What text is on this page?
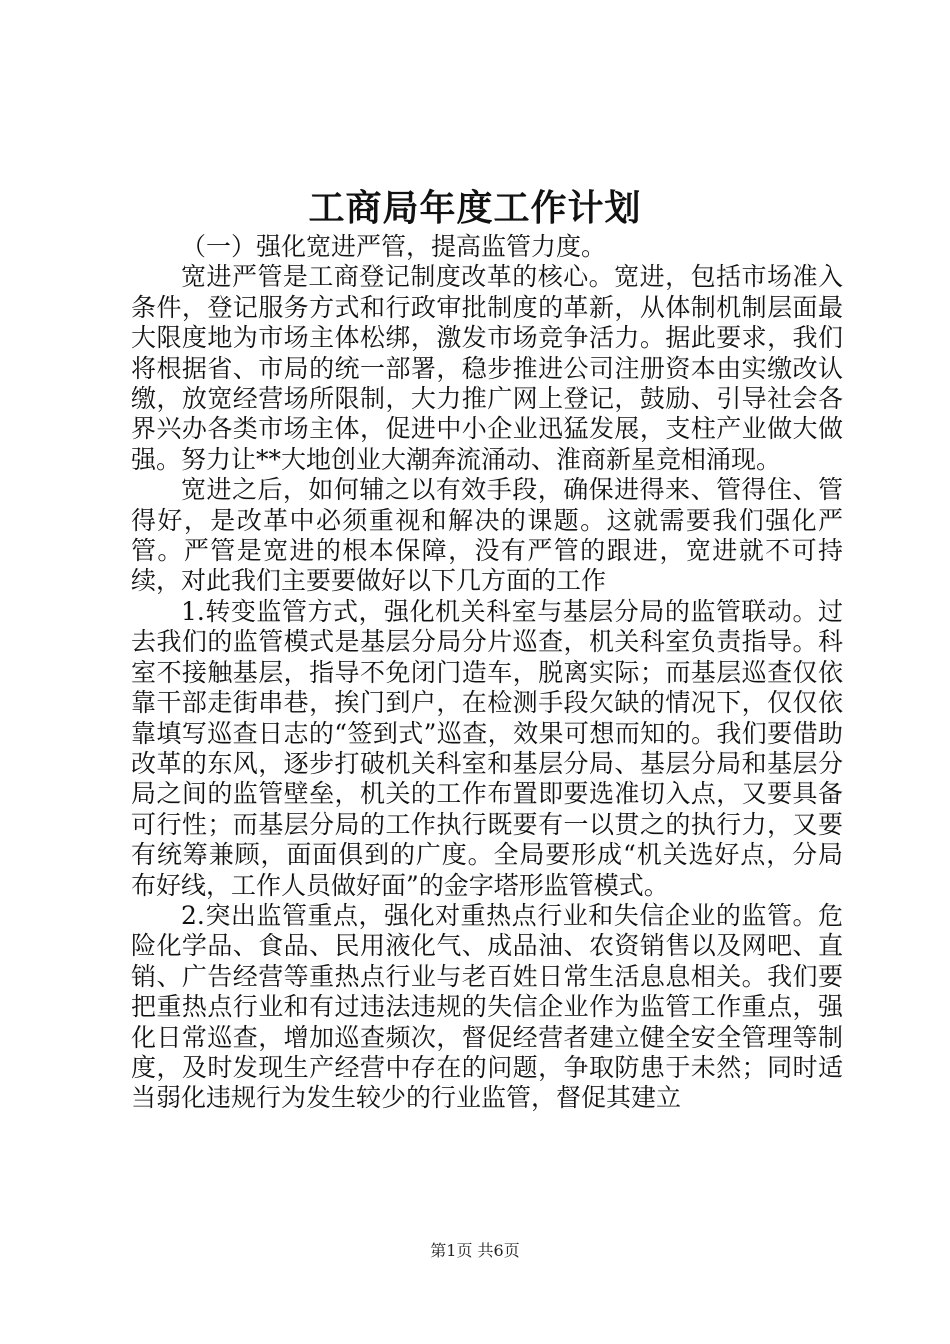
工商局年度工作计划

（一）强化宽进严管，提高监管力度。

宽进严管是工商登记制度改革的核心。宽进，包括市场准入条件，登记服务方式和行政审批制度的革新，从体制机制层面最大限度地为市场主体松绑，激发市场竞争活力。据此要求，我们将根据省、市局的统一部署，稳步推进公司注册资本由实缴改认缴，放宽经营场所限制，大力推广网上登记，鼓励、引导社会各界兴办各类市场主体，促进中小企业迅猛发展，支柱产业做大做强。努力让**大地创业大潮奔流涌动、淮商新星竞相涌现。

宽进之后，如何辅之以有效手段，确保进得来、管得住、管得好，是改革中必须重视和解决的课题。这就需要我们强化严管。严管是宽进的根本保障，没有严管的跟进，宽进就不可持续，对此我们主要要做好以下几方面的工作

1.转变监管方式，强化机关科室与基层分局的监管联动。过去我们的监管模式是基层分局分片巡查，机关科室负责指导。科室不接触基层，指导不免闭门造车，脱离实际；而基层巡查仅依靠干部走街串巷，挨门到户，在检测手段欠缺的情况下，仅仅依靠填写巡查日志的“签到式”巡查，效果可想而知的。我们要借助改革的东风，逐步打破机关科室和基层分局、基层分局和基层分局之间的监管壁垒，机关的工作布置即要选准切入点，又要具备可行性；而基层分局的工作执行既要有一以贯之的执行力，又要有统筹兼顾，面面俱到的广度。全局要形成“机关选好点，分局布好线，工作人员做好面”的金字塔形监管模式。

2.突出监管重点，强化对重热点行业和失信企业的监管。危险化学品、食品、民用液化气、成品油、农资销售以及网吧、直销、广告经营等重热点行业与老百姓日常生活息息相关。我们要把重热点行业和有过违法违规的失信企业作为监管工作重点，强化日常巡查，增加巡查频次，督促经营者建立健全安全管理等制度，及时发现生产经营中存在的问题，争取防患于未然；同时适当弱化违规行为发生较少的行业监管，督促其建立

第1页 共6页
